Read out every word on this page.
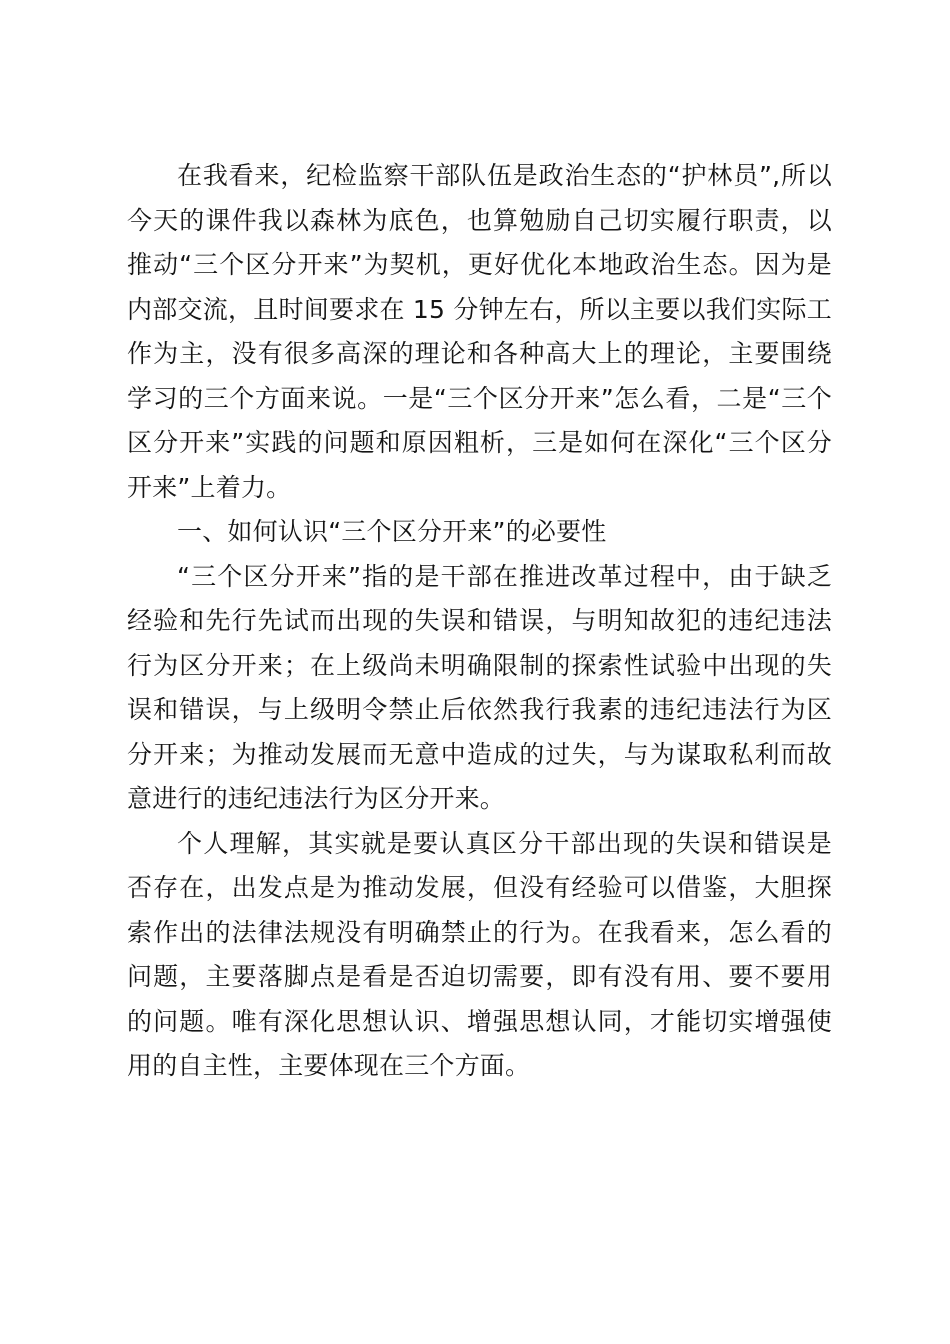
在我看来，纪检监察干部队伍是政治生态的“护林员”,所以今天的课件我以森林为底色，也算勉励自己切实履行职责，以推动“三个区分开来”为契机，更好优化本地政治生态。因为是内部交流，且时间要求在 15 分钟左右，所以主要以我们实际工作为主，没有很多高深的理论和各种高大上的理论，主要围绕学习的三个方面来说。一是“三个区分开来”怎么看，二是“三个区分开来”实践的问题和原因粗析，三是如何在深化“三个区分开来”上着力。

一、如何认识“三个区分开来”的必要性

“三个区分开来”指的是干部在推进改革过程中，由于缺乏经验和先行先试而出现的失误和错误，与明知故犯的违纪违法行为区分开来；在上级尚未明确限制的探索性试验中出现的失误和错误，与上级明令禁止后依然我行我素的违纪违法行为区分开来；为推动发展而无意中造成的过失，与为谋取私利而故意进行的违纪违法行为区分开来。

个人理解，其实就是要认真区分干部出现的失误和错误是否存在，出发点是为推动发展，但没有经验可以借鉴，大胆探索作出的法律法规没有明确禁止的行为。在我看来，怎么看的问题，主要落脚点是看是否迫切需要，即有没有用、要不要用的问题。唯有深化思想认识、增强思想认同，才能切实增强使用的自主性，主要体现在三个方面。
